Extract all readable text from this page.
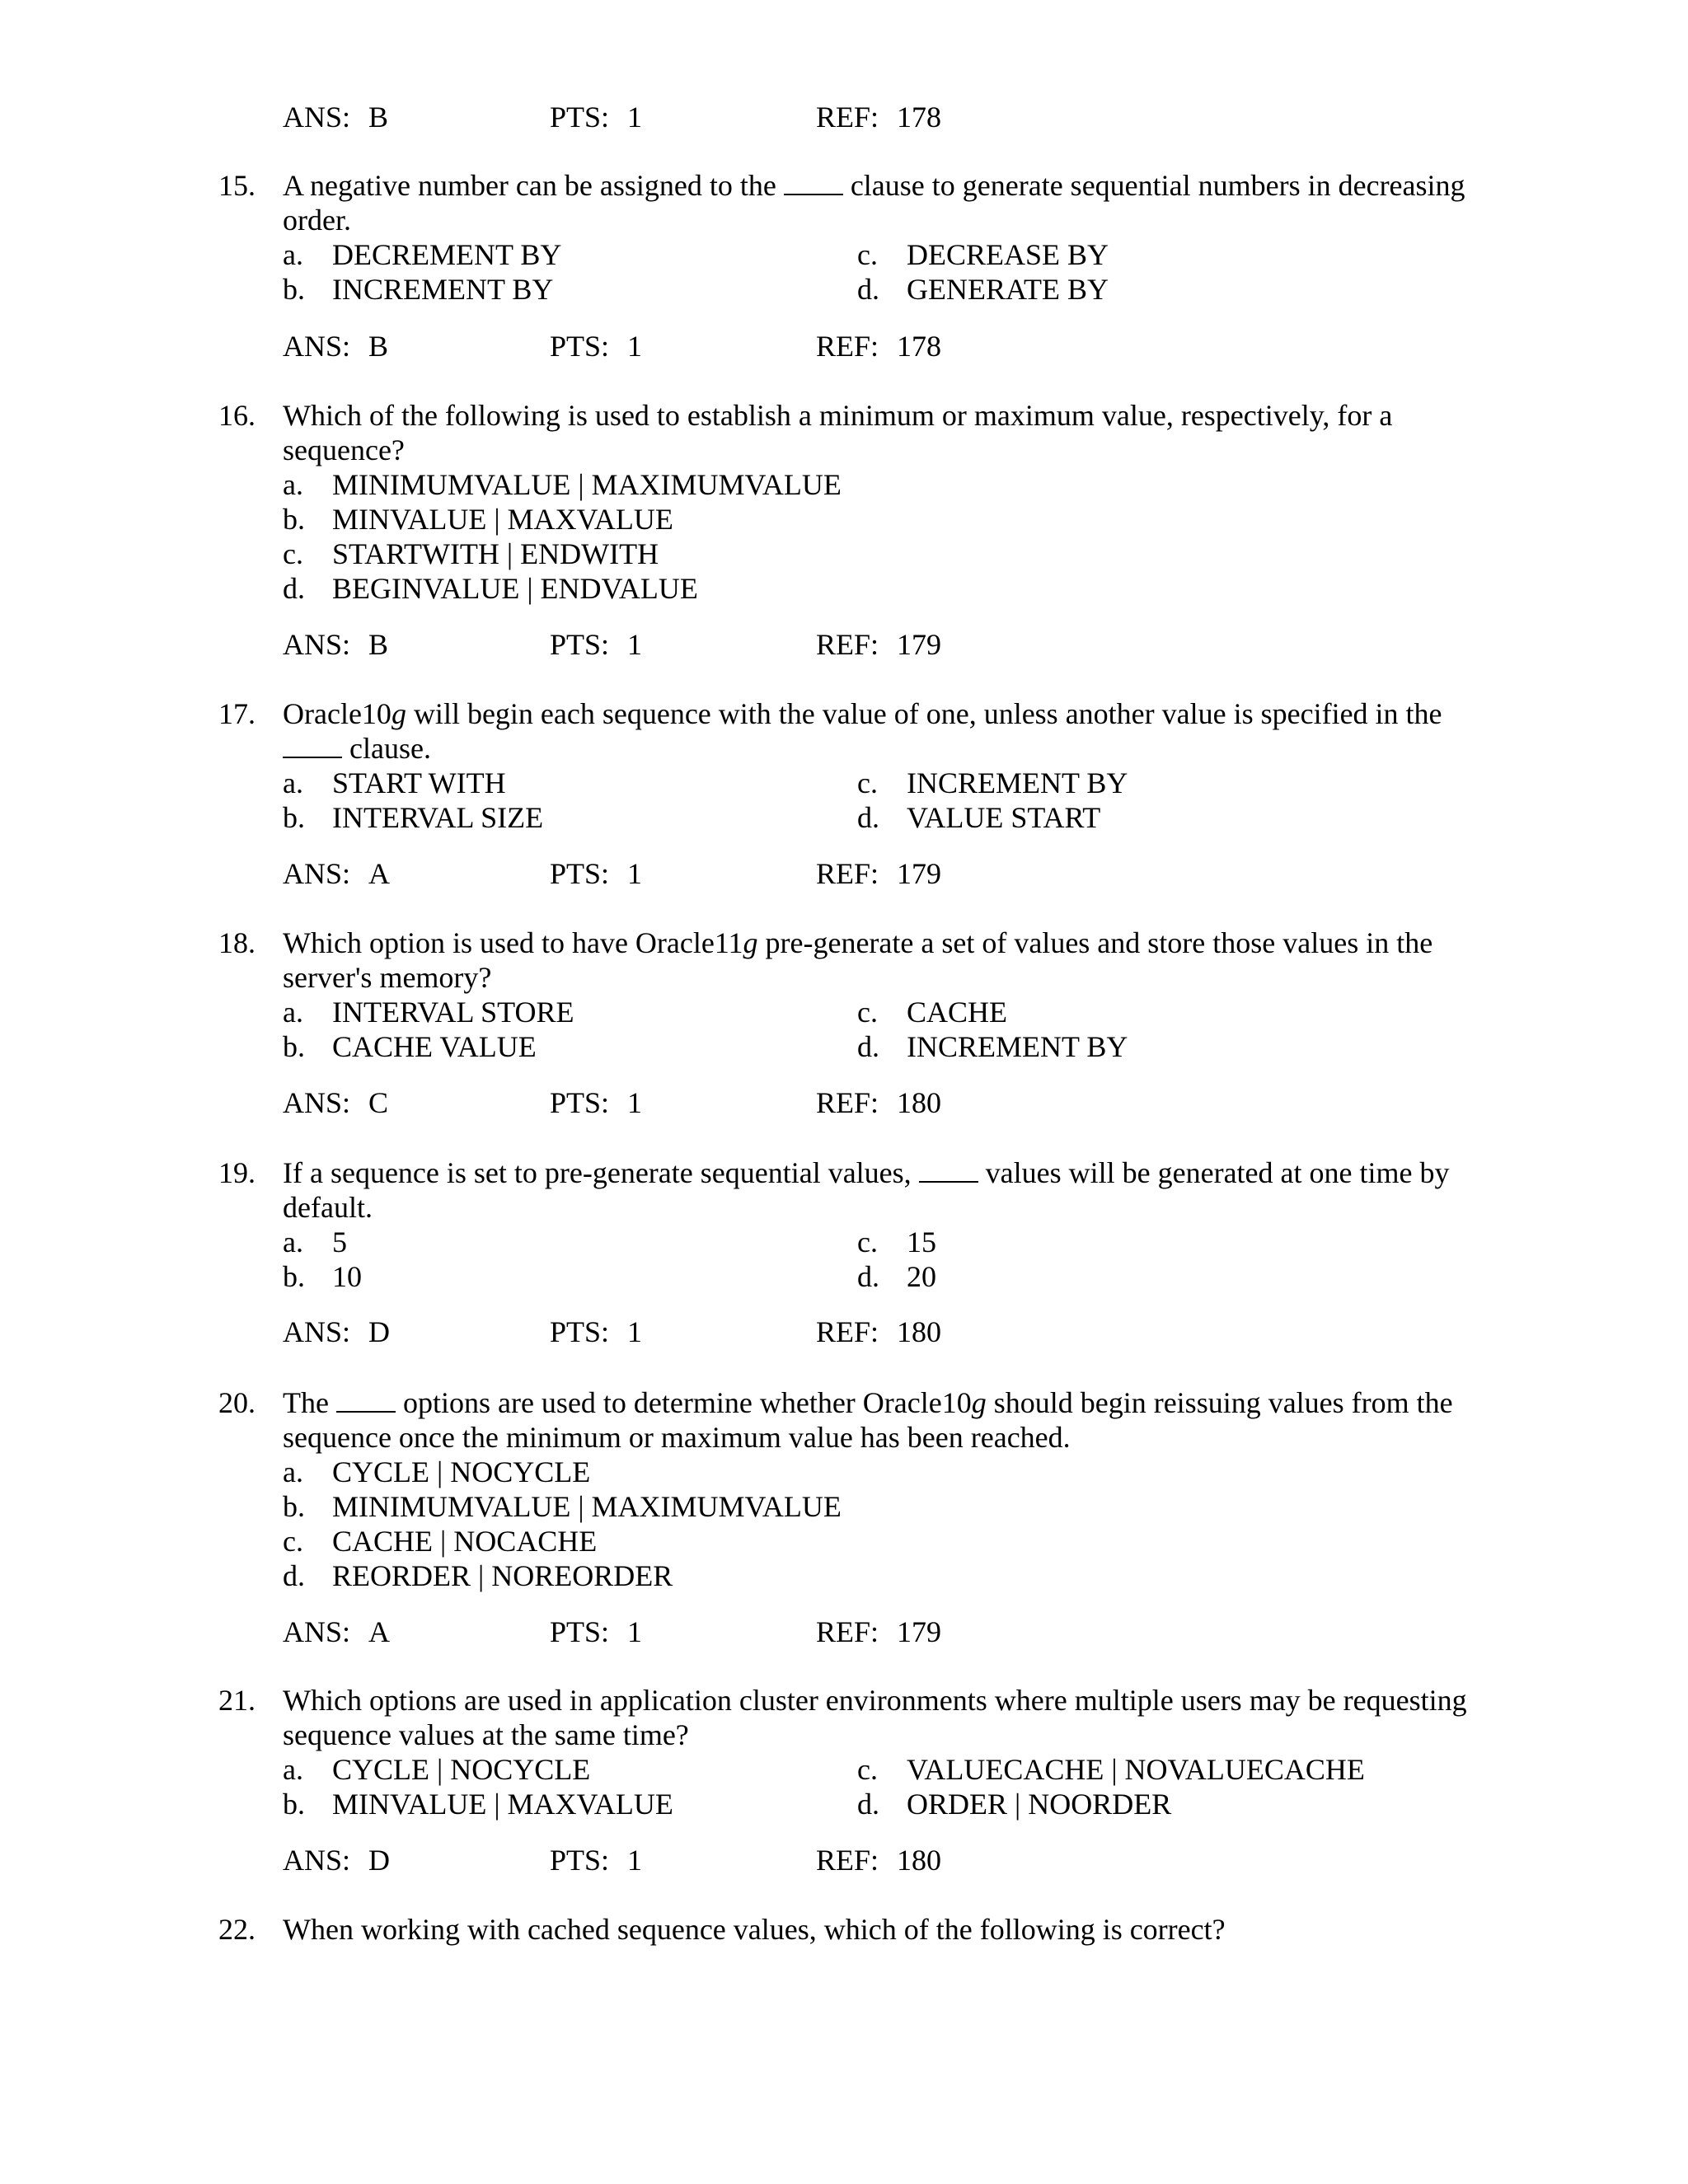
ANS: B	PTS: 1	REF: 178
15. A negative number can be assigned to the	clause to generate sequential numbers in decreasing
order.
a. DECREMENT BY
b. INCREMENT BY
c. DECREASE BY
d. GENERATE BY
ANS: B	PTS: 1	REF: 178
16. Which of the following is used to establish a minimum or maximum value, respectively, for a
sequence?
a. MINIMUMVALUE | MAXIMUMVALUE
b. MINVALUE | MAXVALUE
c. STARTWITH | ENDWITH
d. BEGINVALUE | ENDVALUE
ANS: B	PTS: 1	REF: 179
17. Oracle10g will begin each sequence with the value of one, unless another value is specified in the
clause.
a. START WITH
b. INTERVAL SIZE
c. INCREMENT BY
d. VALUE START
ANS: A	PTS: 1	REF: 179
18. Which option is used to have Oracle11g pre-generate a set of values and store those values in the
server's memory?
a. INTERVAL STORE
b. CACHE VALUE
c. CACHE
d. INCREMENT BY
ANS: C	PTS: 1	REF: 180
19. If a sequence is set to pre-generate sequential values,	values will be generated at one time by
default.
a. 5
b. 10
c. 15
d. 20
ANS: D	PTS: 1	REF: 180
20. The	options are used to determine whether Oracle10g should begin reissuing values from the
sequence once the minimum or maximum value has been reached.
a. CYCLE | NOCYCLE
b. MINIMUMVALUE | MAXIMUMVALUE
c. CACHE | NOCACHE
d. REORDER | NOREORDER
ANS: A	PTS: 1	REF: 179
21. Which options are used in application cluster environments where multiple users may be requesting
sequence values at the same time?
a. CYCLE | NOCYCLE
b. MINVALUE | MAXVALUE
c. VALUECACHE | NOVALUECACHE
d. ORDER | NOORDER
ANS: D	PTS: 1	REF: 180
22. When working with cached sequence values, which of the following is correct?
